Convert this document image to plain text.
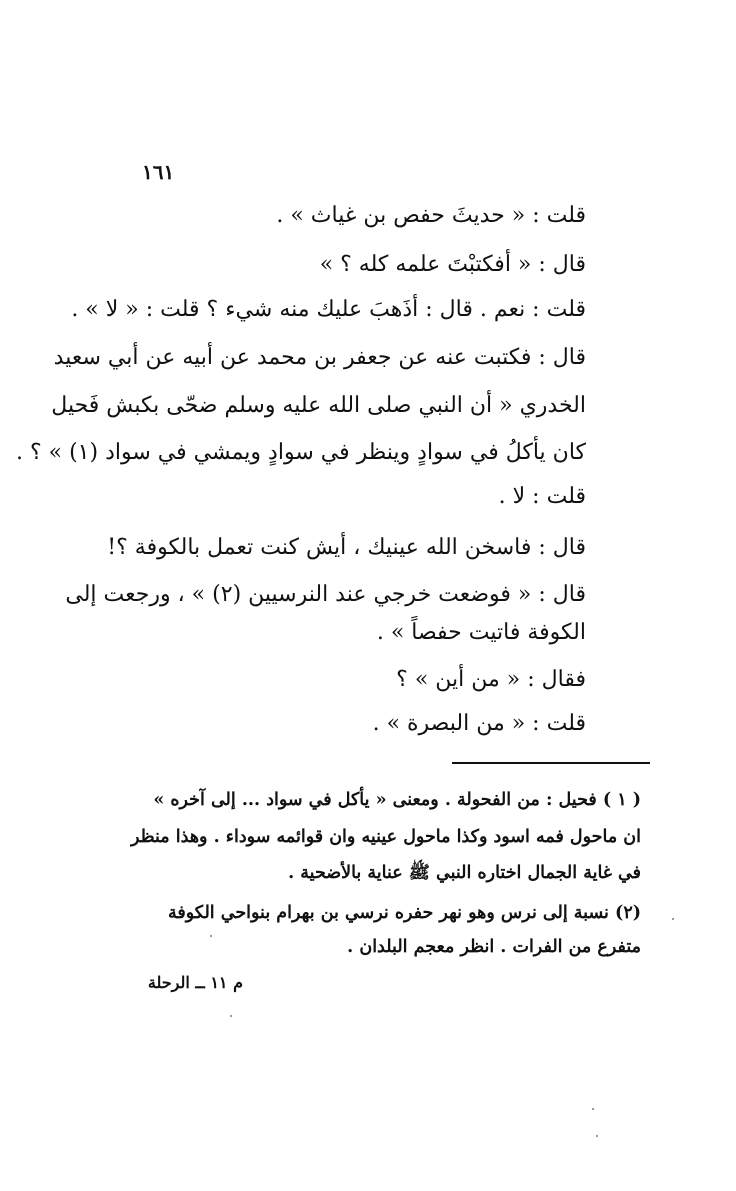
١٦١
قلت : « حديثَ حفص بن غياث » .
قال : « أفكتبْتَ علمه كله ؟ »
قلت : نعم . قال : أذَهبَ عليك منه شيء ؟ قلت : « لا » .
قال : فكتبت عنه عن جعفر بن محمد عن أبيه عن أبي سعيد
الخدري « أن النبي صلى الله عليه وسلم ضحّى بكبش فَحيل
كان يأكلُ في سوادٍ وينظر في سوادٍ ويمشي في سواد (١) » ؟ .
قلت : لا .
قال : فاسخن الله عينيك ، أيش كنت تعمل بالكوفة ؟!
قال : « فوضعت خرجي عند النرسيين (٢) » ، ورجعت إلى
الكوفة فاتيت حفصاً » .
فقال : « من أين » ؟
قلت : « من البصرة » .
( ١ ) فحيل : من الفحولة . ومعنى « يأكل في سواد ... إلى آخره »
ان ماحول فمه اسود وكذا ماحول عينيه وان قوائمه سوداء . وهذا منظر
في غاية الجمال اختاره النبي ﷺ عناية بالأضحية .
(٢) نسبة إلى نرس وهو نهر حفره نرسي بن بهرام بنواحي الكوفة
متفرع من الفرات . انظر معجم البلدان .
م ١١ ــ الرحلة
